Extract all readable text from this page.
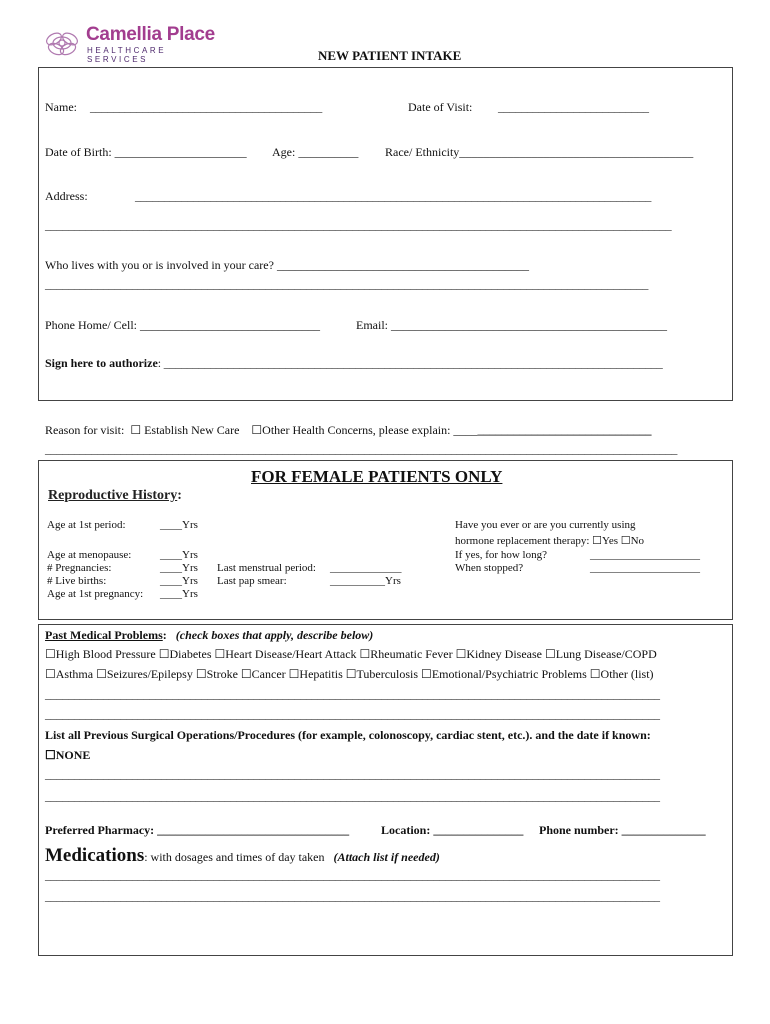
Camellia Place
HEALTHCARE SERVICES	NEW PATIENT INTAKE
Name: ________________________________________	Date of Visit: __________________________
Date of Birth: ______________________ Age: __________ Race/ Ethnicity_______________________________________
Address:	_________________________________________________________________________________________
____________________________________________________________________________________________________________
Who lives with you or is involved in your care? __________________________________________
________________________________________________________________________________________________________
Phone Home/ Cell: ______________________________	Email: ______________________________________________
Sign here to authorize: ______________________________________________________________________________________
Reason for visit: ☐ Establish New Care ☐Other Health Concerns, please explain: _________________________________
_____________________________________________________________________________________________________________
FOR FEMALE PATIENTS ONLY
Reproductive History:
Age at 1st period:	____Yrs
Age at menopause:	____Yrs
# Pregnancies:	____Yrs
# Live births:	____Yrs
Age at 1st pregnancy: ____Yrs
Last menstrual period: _____________
Last pap smear:	__________Yrs
Have you ever or are you currently using
hormone replacement therapy: ☐Yes ☐No
If yes, for how long?	____________________
When stopped?	____________________
Past Medical Problems: (check boxes that apply, describe below)
☐High Blood Pressure ☐Diabetes ☐Heart Disease/Heart Attack ☐Rheumatic Fever ☐Kidney Disease ☐Lung Disease/COPD
☐Asthma ☐Seizures/Epilepsy ☐Stroke ☐Cancer ☐Hepatitis ☐Tuberculosis ☐Emotional/Psychiatric Problems ☐Other (list)
__________________________________________________________________________________________________________
__________________________________________________________________________________________________________
List all Previous Surgical Operations/Procedures (for example, colonoscopy, cardiac stent, etc.). and the date if known:
☐NONE
__________________________________________________________________________________________________________
__________________________________________________________________________________________________________
Preferred Pharmacy: ________________________________	Location: _______________ Phone number: ______________
Medications: with dosages and times of day taken (Attach list if needed)
__________________________________________________________________________________________________________
__________________________________________________________________________________________________________
